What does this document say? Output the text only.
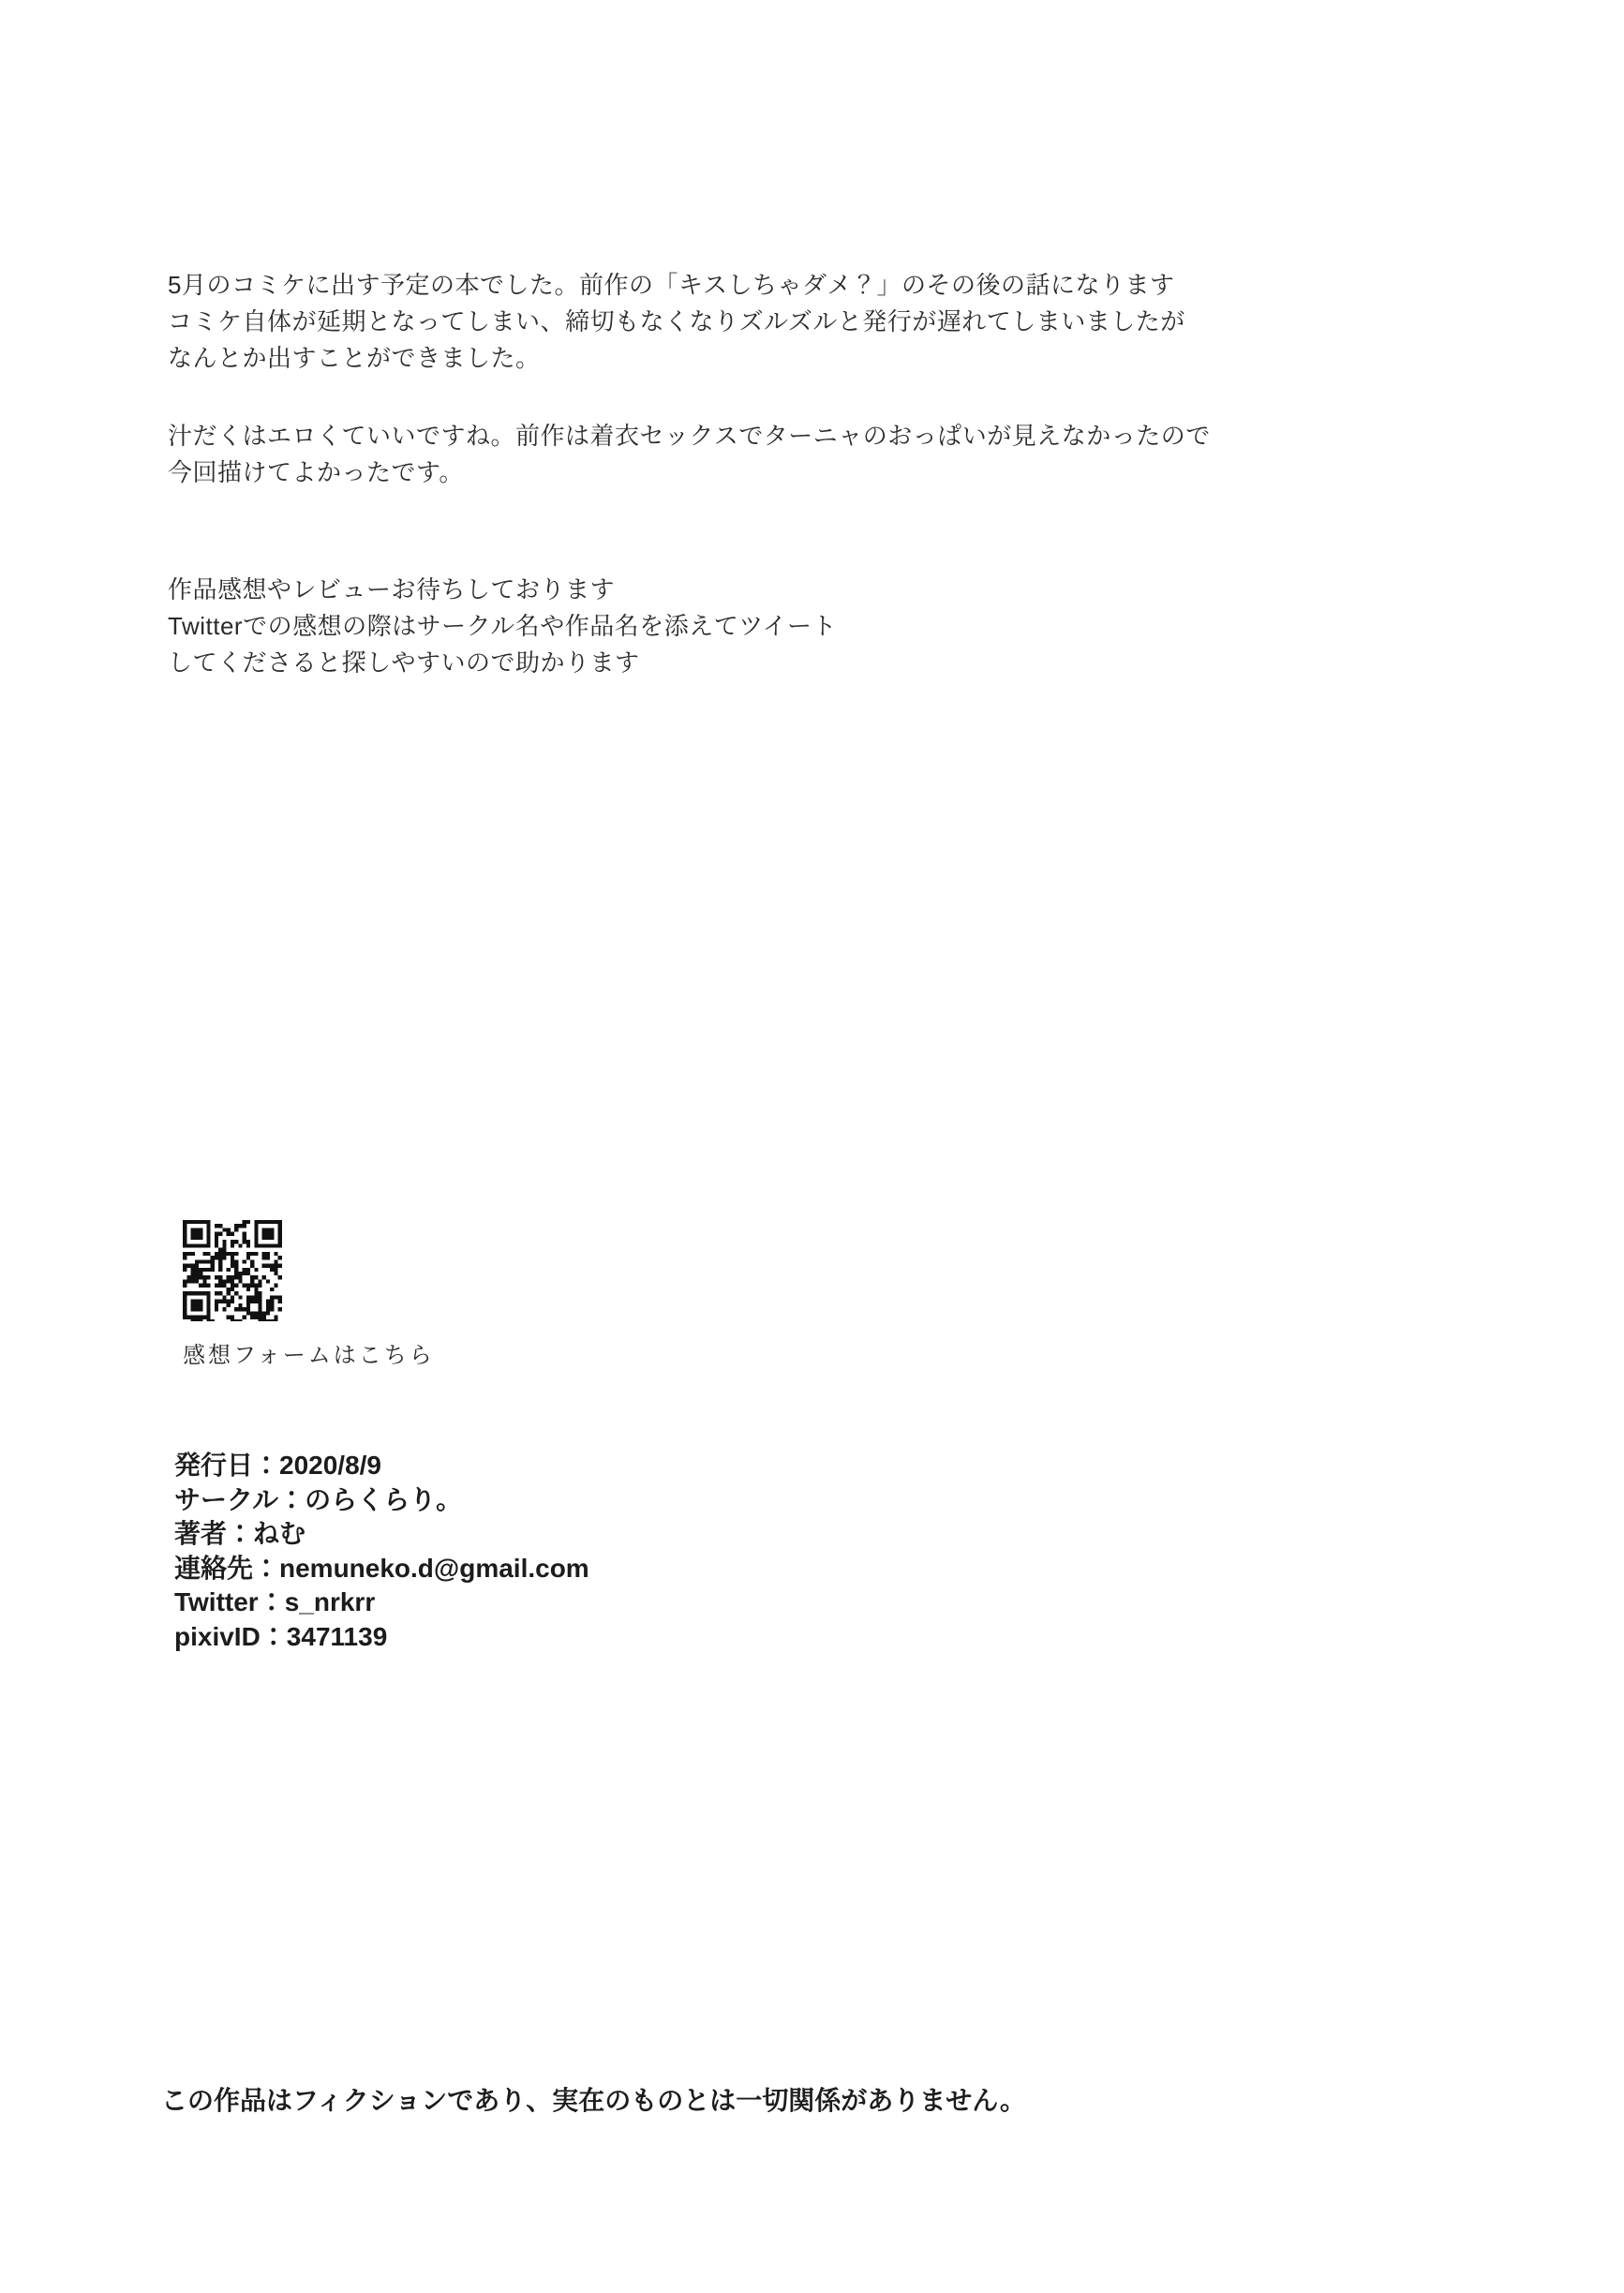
5月のコミケに出す予定の本でした。前作の「キスしちゃダメ？」のその後の話になります
コミケ自体が延期となってしまい、締切もなくなりズルズルと発行が遅れてしまいましたが
なんとか出すことができました。
汁だくはエロくていいですね。前作は着衣セックスでターニャのおっぱいが見えなかったので
今回描けてよかったです。
作品感想やレビューお待ちしております
Twitterでの感想の際はサークル名や作品名を添えてツイート
してくださると探しやすいので助かります
感想フォームはこちら
発行日：2020/8/9
サークル：のらくらり。
著者：ねむ
連絡先：nemuneko.d@gmail.com
Twitter：s_nrkrr
pixivID：3471139
この作品はフィクションであり、実在のものとは一切関係がありません。
